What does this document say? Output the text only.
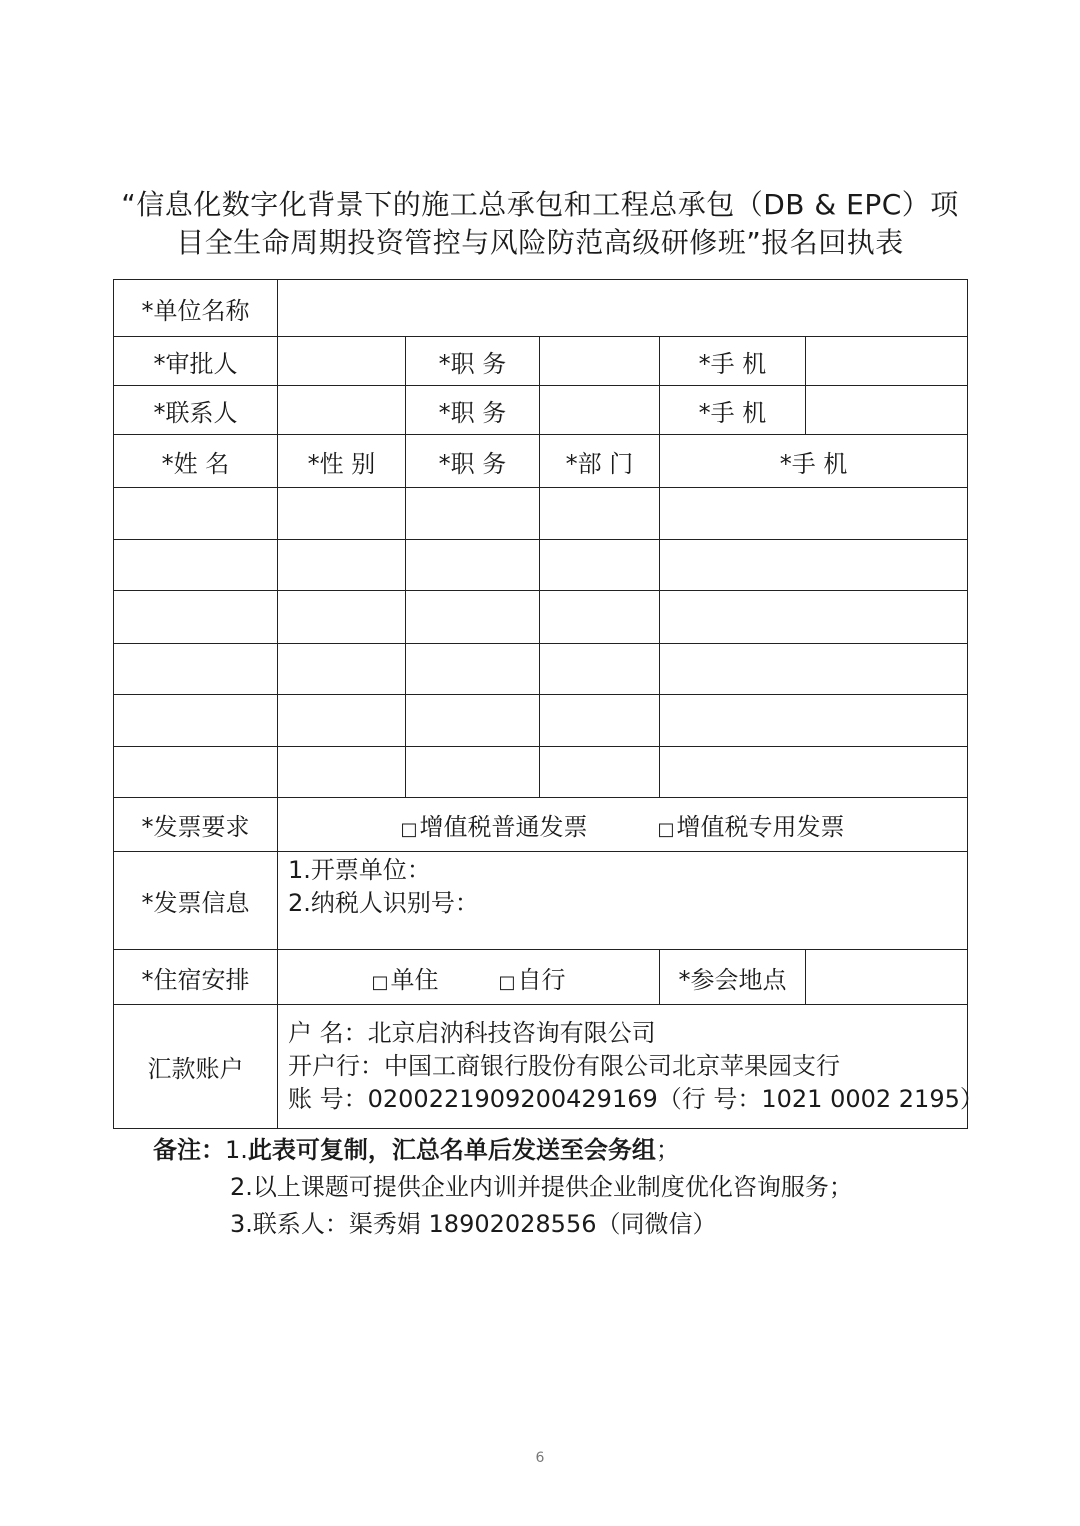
“信息化数字化背景下的施工总承包和工程总承包（DB & EPC）项
目全生命周期投资管控与风险防范高级研修班”报名回执表
*单位名称					
*审批人		*职 务		*手 机	
*联系人		*职 务		*手 机	
*姓 名	*性 别	*职 务	*部 门	*手 机	

*发票要求	□增值税普通发票 □增值税专用发票				
*发票信息	1.开票单位：
2.纳税人识别号：				

*住宿安排	□单住 □自行			*参会地点	
汇款账户	户 名：北京启汭科技咨询有限公司
开户行：中国工商银行股份有限公司北京苹果园支行
账 号：0200221909200429169（行 号：1021 0002 2195）				
备注：1.此表可复制，汇总名单后发送至会务组；
2.以上课题可提供企业内训并提供企业制度优化咨询服务；
3.联系人：渠秀娟 18902028556（同微信）
6
